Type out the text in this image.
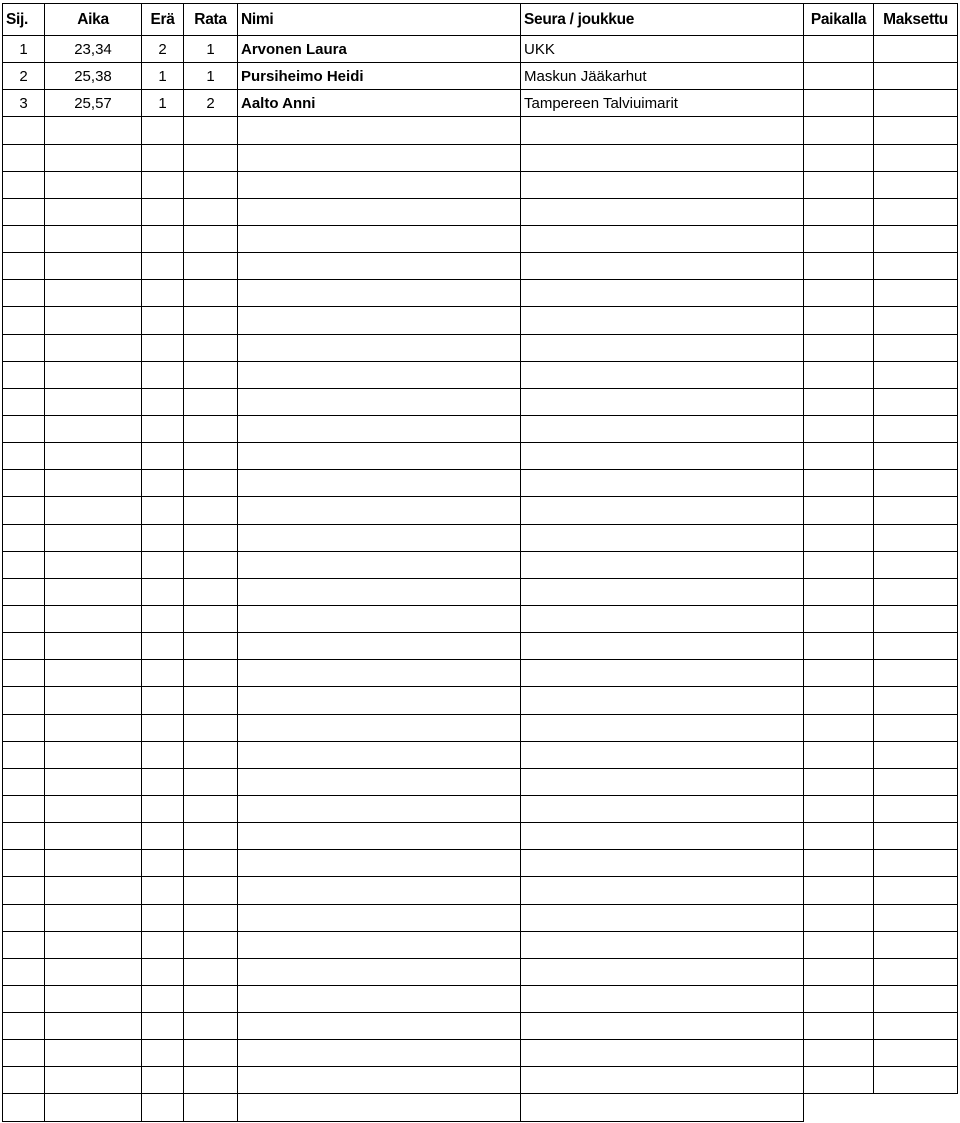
Sij.	Aika	Erä	Rata	Nimi	Seura / joukkue	Paikalla	Maksettu
1	23,34	2	1	Arvonen Laura	UKK		
2	25,38	1	1	Pursiheimo Heidi	Maskun Jääkarhut		
3	25,57	1	2	Aalto Anni	Tampereen Talviuimarit		
